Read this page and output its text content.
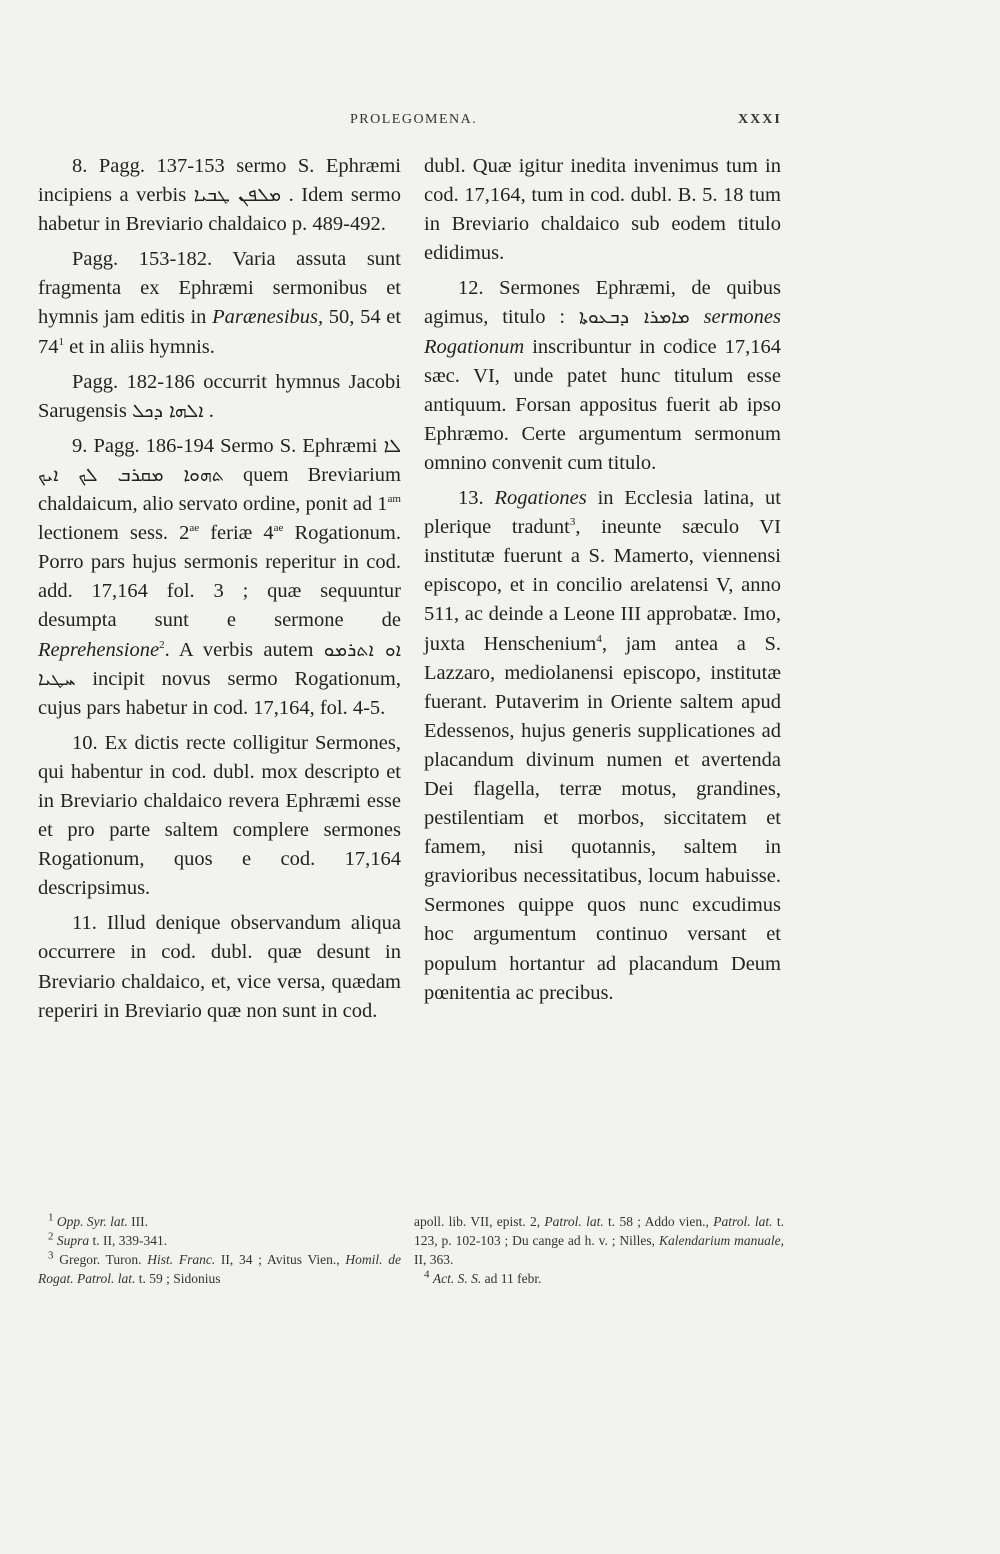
PROLEGOMENA.	XXXI

8. Pagg. 137-153 sermo S. Ephræmi incipiens a verbis ܡܠܦܢ ܛܒܝܐ . Idem sermo habetur in Breviario chaldaico p. 489-492.

Pagg. 153-182. Varia assuta sunt fragmenta ex Ephræmi sermonibus et hymnis jam editis in Parænesibus, 50, 54 et $74^1$ et in aliis hymnis.

Pagg. 182-186 occurrit hymnus Jacobi Sarugensis ܐܠܗܐ ܕܟܠ .

9. Pagg. 186-194 Sermo S. Ephræmi ܠܐ ܬܗܘܐ ܡܩܪܒ ܠܟ ܐܝܟ quem Breviarium chaldaicum, alio servato ordine, ponit ad $1^{am}$ lectionem sess. $2^{ae}$ feriæ $4^{ae}$ Rogationum. Porro pars hujus sermonis reperitur in cod. add. 17,164 fol. 3 ; quæ sequuntur desumpta sunt e sermone de Reprehensione$^2$. A verbis autem ܐܘ ܐܬܪܡܘ ܚܛܝܐ incipit novus sermo Rogationum, cujus pars habetur in cod. 17,164, fol. 4-5.

10. Ex dictis recte colligitur Sermones, qui habentur in cod. dubl. mox descripto et in Breviario chaldaico revera Ephræmi esse et pro parte saltem complere sermones Rogationum, quos e cod. 17,164 descripsimus.

11. Illud denique observandum aliqua occurrere in cod. dubl. quæ desunt in Breviario chaldaico, et, vice versa, quædam reperiri in Breviario quæ non sunt in cod.

dubl. Quæ igitur inedita invenimus tum in cod. 17,164, tum in cod. dubl. B. 5. 18 tum in Breviario chaldaico sub eodem titulo edidimus.

12. Sermones Ephræmi, de quibus agimus, titulo : ܡܐܡܪܐ ܕܒܥܘܬܐ sermones Rogationum inscribuntur in codice 17,164 sæc. VI, unde patet hunc titulum esse antiquum. Forsan appositus fuerit ab ipso Ephræmo. Certe argumentum sermonum omnino convenit cum titulo.

13. Rogationes in Ecclesia latina, ut plerique tradunt$^3$, ineunte sæculo VI institutæ fuerunt a S. Mamerto, viennensi episcopo, et in concilio arelatensi V, anno 511, ac deinde a Leone III approbatæ. Imo, juxta Henschenium$^4$, jam antea a S. Lazzaro, mediolanensi episcopo, institutæ fuerant. Putaverim in Oriente saltem apud Edessenos, hujus generis supplicationes ad placandum divinum numen et avertenda Dei flagella, terræ motus, grandines, pestilentiam et morbos, siccitatem et famem, nisi quotannis, saltem in gravioribus necessitatibus, locum habuisse. Sermones quippe quos nunc excudimus hoc argumentum continuo versant et populum hortantur ad placandum Deum pœnitentia ac precibus.

$^1$ Opp. Syr. lat. III.

$^2$ Supra t. II, 339-341.

$^3$ Gregor. Turon. Hist. Franc. II, 34 ; Avitus Vien., Homil. de Rogat. Patrol. lat. t. 59 ; Sidonius

apoll. lib. VII, epist. 2, Patrol. lat. t. 58 ; Addo vien., Patrol. lat. t. 123, p. 102-103 ; Du cange ad h. v. ; Nilles, Kalendarium manuale, II, 363.

$^4$ Act. S. S. ad 11 febr.
